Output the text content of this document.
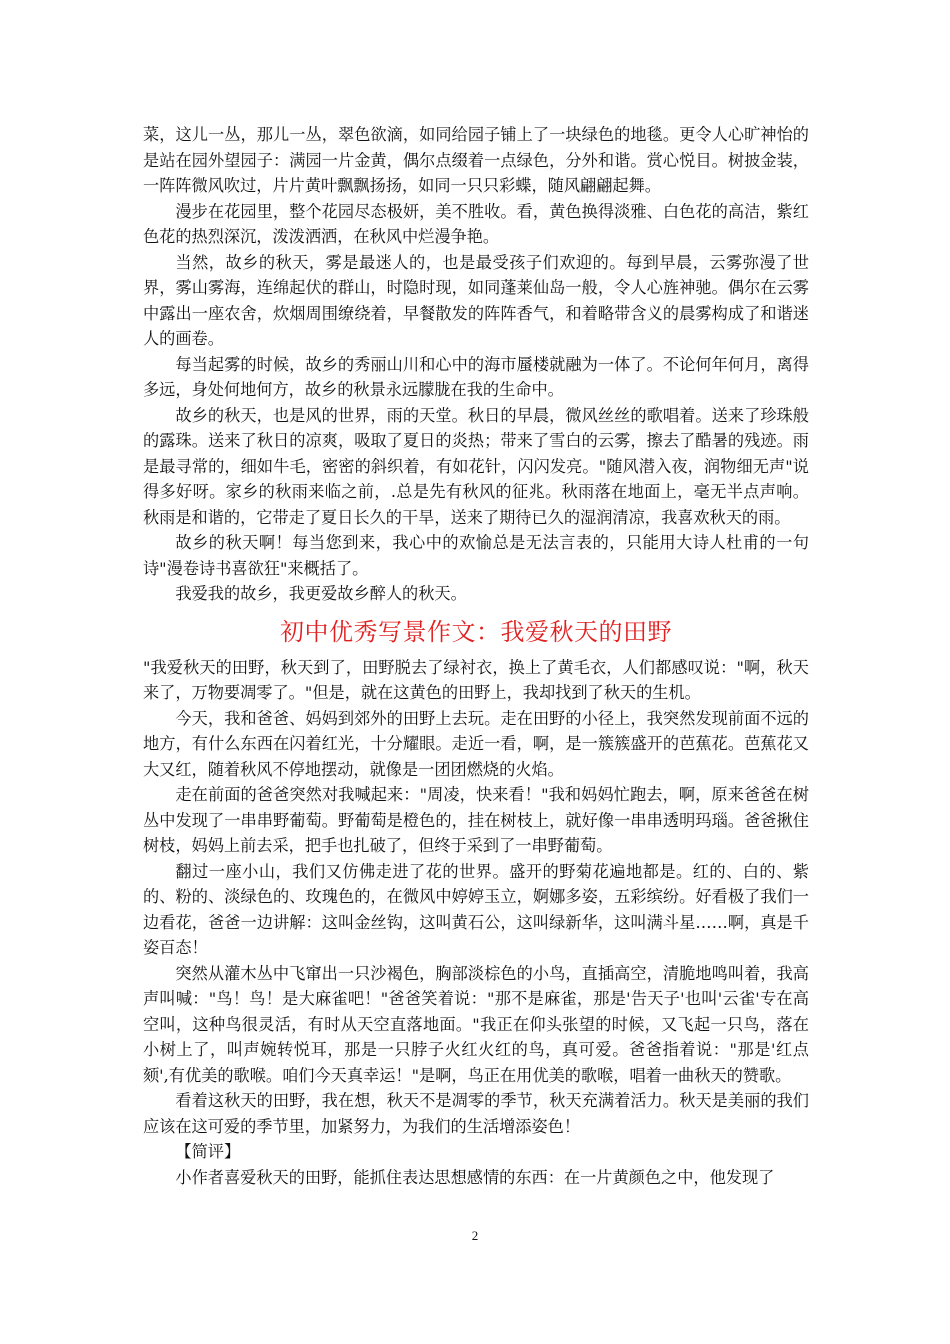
菜，这儿一丛，那儿一丛，翠色欲滴，如同给园子铺上了一块绿色的地毯。更令人心旷神怡的是站在园外望园子：满园一片金黄，偶尔点缀着一点绿色，分外和谐。赏心悦目。树披金装，一阵阵微风吹过，片片黄叶飘飘扬扬，如同一只只彩蝶，随风翩翩起舞。

漫步在花园里，整个花园尽态极妍，美不胜收。看，黄色换得淡雅、白色花的高洁，紫红色花的热烈深沉，泼泼洒洒，在秋风中烂漫争艳。

当然，故乡的秋天，雾是最迷人的，也是最受孩子们欢迎的。每到早晨，云雾弥漫了世界，雾山雾海，连绵起伏的群山，时隐时现，如同蓬莱仙岛一般，令人心旌神驰。偶尔在云雾中露出一座农舍，炊烟周围缭绕着，早餐散发的阵阵香气，和着略带含义的晨雾构成了和谐迷人的画卷。

每当起雾的时候，故乡的秀丽山川和心中的海市蜃楼就融为一体了。不论何年何月，离得多远，身处何地何方，故乡的秋景永远朦胧在我的生命中。

故乡的秋天，也是风的世界，雨的天堂。秋日的早晨，微风丝丝的歌唱着。送来了珍珠般的露珠。送来了秋日的凉爽，吸取了夏日的炎热；带来了雪白的云雾，擦去了酷暑的残迹。雨是最寻常的，细如牛毛，密密的斜织着，有如花针，闪闪发亮。"随风潜入夜，润物细无声"说得多好呀。家乡的秋雨来临之前，.总是先有秋风的征兆。秋雨落在地面上，毫无半点声响。秋雨是和谐的，它带走了夏日长久的干旱，送来了期待已久的湿润清凉，我喜欢秋天的雨。

故乡的秋天啊！每当您到来，我心中的欢愉总是无法言表的，只能用大诗人杜甫的一句诗"漫卷诗书喜欲狂"来概括了。

我爱我的故乡，我更爱故乡醉人的秋天。

初中优秀写景作文：我爱秋天的田野

"我爱秋天的田野，秋天到了，田野脱去了绿衬衣，换上了黄毛衣，人们都感叹说："啊，秋天来了，万物要凋零了。"但是，就在这黄色的田野上，我却找到了秋天的生机。

今天，我和爸爸、妈妈到郊外的田野上去玩。走在田野的小径上，我突然发现前面不远的地方，有什么东西在闪着红光，十分耀眼。走近一看，啊，是一簇簇盛开的芭蕉花。芭蕉花又大又红，随着秋风不停地摆动，就像是一团团燃烧的火焰。

走在前面的爸爸突然对我喊起来："周凌，快来看！"我和妈妈忙跑去，啊，原来爸爸在树丛中发现了一串串野葡萄。野葡萄是橙色的，挂在树枝上，就好像一串串透明玛瑙。爸爸揪住树枝，妈妈上前去采，把手也扎破了，但终于采到了一串野葡萄。

翻过一座小山，我们又仿佛走进了花的世界。盛开的野菊花遍地都是。红的、白的、紫的、粉的、淡绿色的、玫瑰色的，在微风中婷婷玉立，婀娜多姿，五彩缤纷。好看极了我们一边看花，爸爸一边讲解：这叫金丝钩，这叫黄石公，这叫绿新华，这叫满斗星……啊，真是千姿百态！

突然从灌木丛中飞窜出一只沙褐色，胸部淡棕色的小鸟，直插高空，清脆地鸣叫着，我高声叫喊："鸟！鸟！是大麻雀吧！"爸爸笑着说："那不是麻雀，那是'告天子'也叫'云雀'专在高空叫，这种鸟很灵活，有时从天空直落地面。"我正在仰头张望的时候，又飞起一只鸟，落在小树上了，叫声婉转悦耳，那是一只脖子火红火红的鸟，真可爱。爸爸指着说："那是'红点颏',有优美的歌喉。咱们今天真幸运！"是啊，鸟正在用优美的歌喉，唱着一曲秋天的赞歌。

看着这秋天的田野，我在想，秋天不是凋零的季节，秋天充满着活力。秋天是美丽的我们应该在这可爱的季节里，加紧努力，为我们的生活增添姿色！

【简评】

小作者喜爱秋天的田野，能抓住表达思想感情的东西：在一片黄颜色之中，他发现了

2
